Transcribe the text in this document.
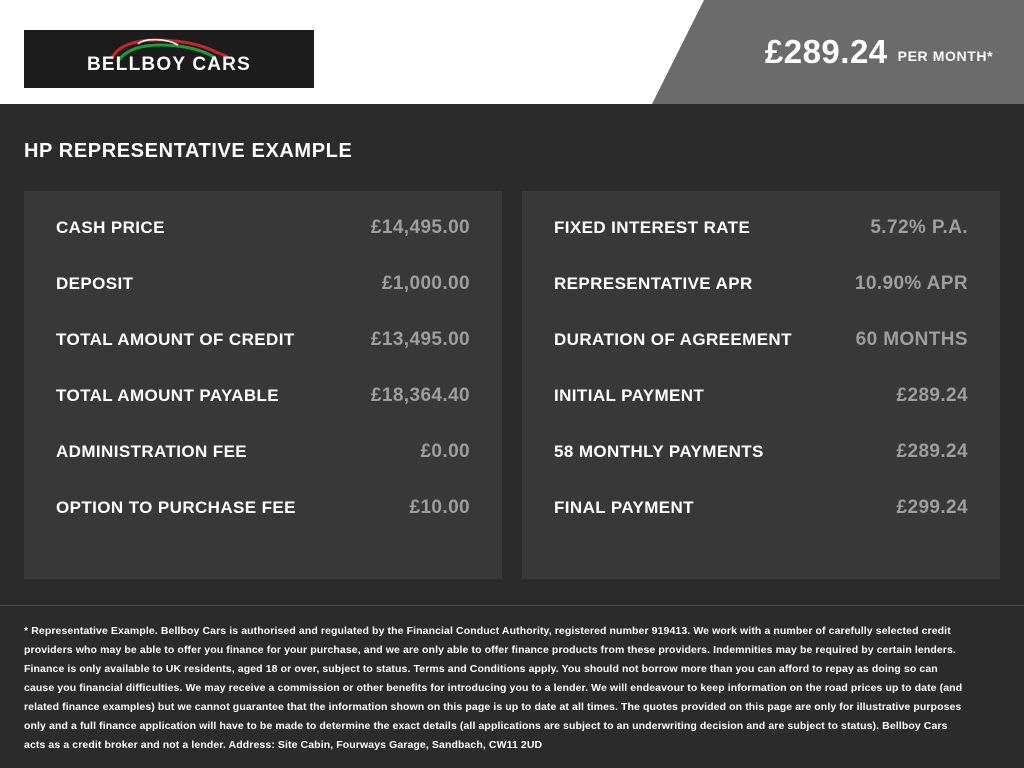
BELLBOY CARS	£289.24 PER MONTH*
HP REPRESENTATIVE EXAMPLE
CASH PRICE	£14,495.00
DEPOSIT	£1,000.00
TOTAL AMOUNT OF CREDIT	£13,495.00
TOTAL AMOUNT PAYABLE	£18,364.40
ADMINISTRATION FEE	£0.00
OPTION TO PURCHASE FEE	£10.00
FIXED INTEREST RATE	5.72% P.A.
REPRESENTATIVE APR	10.90% APR
DURATION OF AGREEMENT	60 MONTHS
INITIAL PAYMENT	£289.24
58 MONTHLY PAYMENTS	£289.24
FINAL PAYMENT	£299.24

* Representative Example. Bellboy Cars is authorised and regulated by the Financial Conduct Authority, registered number 919413. We work with a number of carefully selected credit providers who may be able to offer you finance for your purchase, and we are only able to offer finance products from these providers. Indemnities may be required by certain lenders. Finance is only available to UK residents, aged 18 or over, subject to status. Terms and Conditions apply. You should not borrow more than you can afford to repay as doing so can cause you financial difficulties. We may receive a commission or other benefits for introducing you to a lender. We will endeavour to keep information on the road prices up to date (and related finance examples) but we cannot guarantee that the information shown on this page is up to date at all times. The quotes provided on this page are only for illustrative purposes only and a full finance application will have to be made to determine the exact details (all applications are subject to an underwriting decision and are subject to status). Bellboy Cars acts as a credit broker and not a lender. Address: Site Cabin, Fourways Garage, Sandbach, CW11 2UD
